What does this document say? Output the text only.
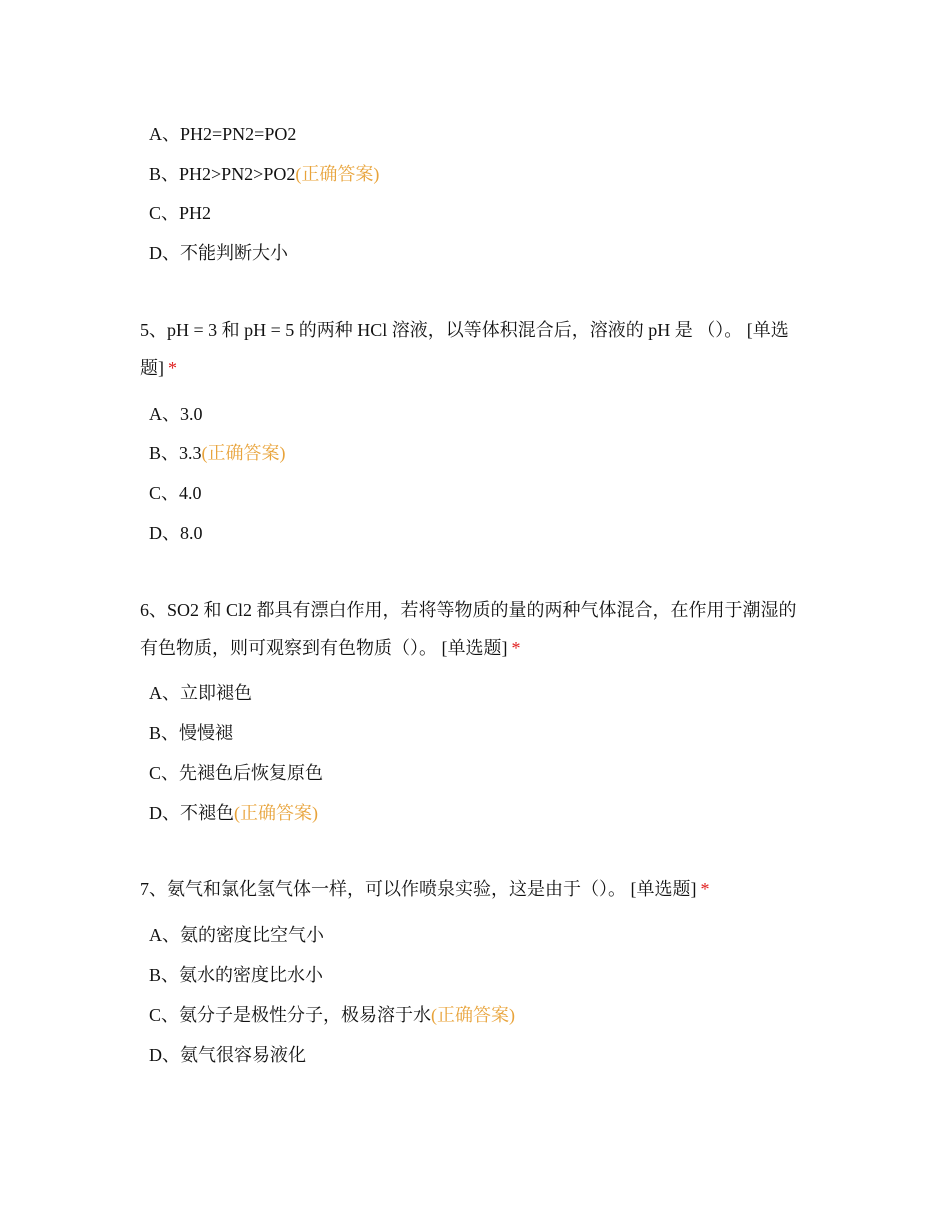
A、PH2=PN2=PO2
B、PH2>PN2>PO2(正确答案)
C、PH2
D、不能判断大小

5、pH = 3 和 pH = 5 的两种 HCl 溶液，以等体积混合后，溶液的 pH 是 （）。 [单选题] *

A、3.0
B、3.3(正确答案)
C、4.0
D、8.0

6、SO2 和 Cl2 都具有漂白作用，若将等物质的量的两种气体混合，在作用于潮湿的有色物质，则可观察到有色物质（）。 [单选题] *

A、立即褪色
B、慢慢褪
C、先褪色后恢复原色
D、不褪色(正确答案)

7、氨气和氯化氢气体一样，可以作喷泉实验，这是由于（）。 [单选题] *

A、氨的密度比空气小
B、氨水的密度比水小
C、氨分子是极性分子，极易溶于水(正确答案)
D、氨气很容易液化
